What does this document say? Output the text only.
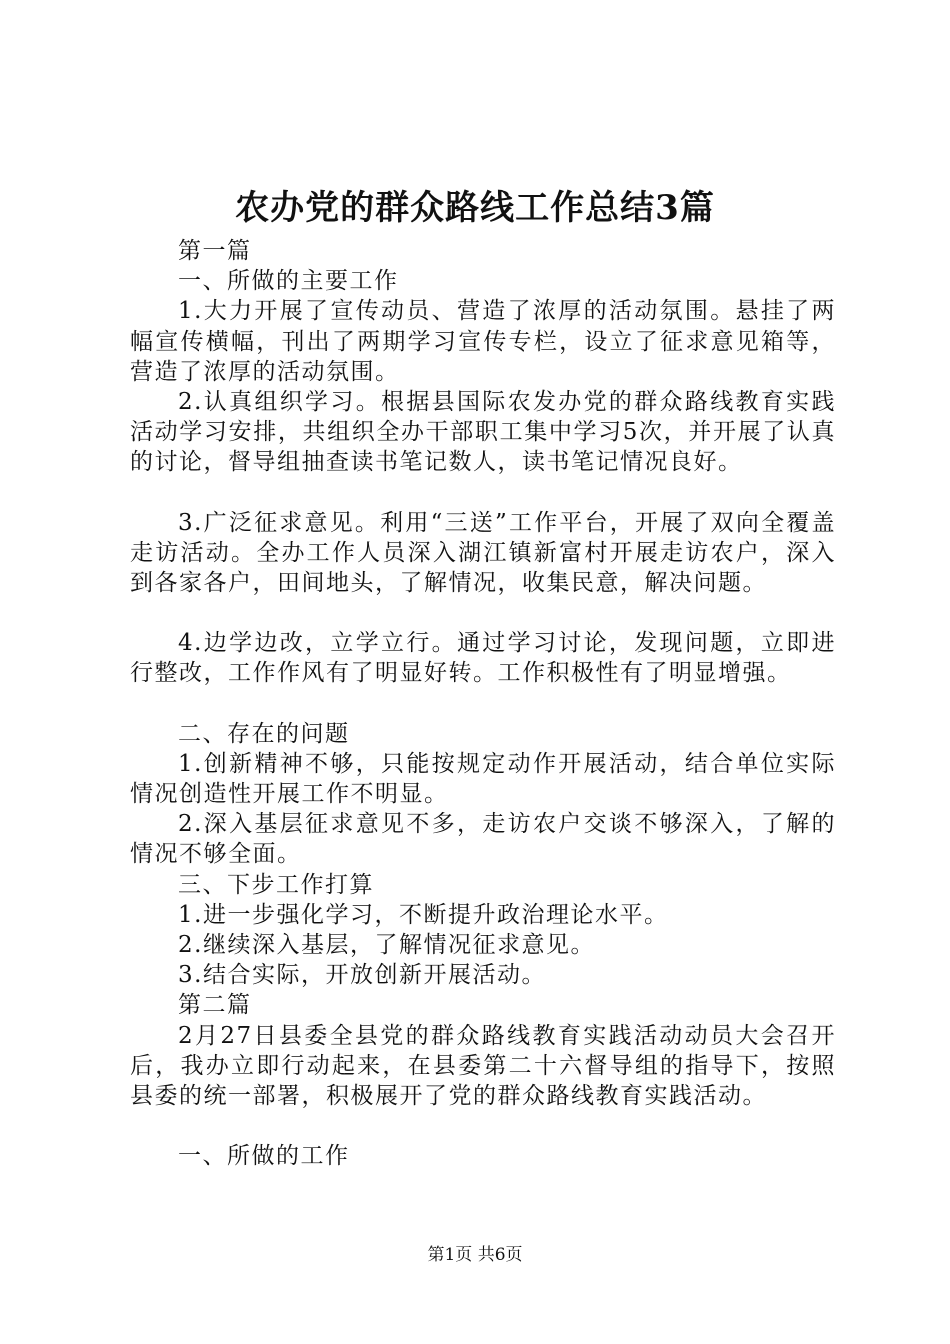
农办党的群众路线工作总结3篇

第一篇

一、所做的主要工作

1.大力开展了宣传动员、营造了浓厚的活动氛围。悬挂了两幅宣传横幅，刊出了两期学习宣传专栏，设立了征求意见箱等，营造了浓厚的活动氛围。

2.认真组织学习。根据县国际农发办党的群众路线教育实践活动学习安排，共组织全办干部职工集中学习5次，并开展了认真的讨论，督导组抽查读书笔记数人，读书笔记情况良好。

3.广泛征求意见。利用“三送”工作平台，开展了双向全覆盖走访活动。全办工作人员深入湖江镇新富村开展走访农户，深入到各家各户，田间地头，了解情况，收集民意，解决问题。

4.边学边改，立学立行。通过学习讨论，发现问题，立即进行整改，工作作风有了明显好转。工作积极性有了明显增强。

二、存在的问题

1.创新精神不够，只能按规定动作开展活动，结合单位实际情况创造性开展工作不明显。

2.深入基层征求意见不多，走访农户交谈不够深入，了解的情况不够全面。

三、下步工作打算

1.进一步强化学习，不断提升政治理论水平。

2.继续深入基层，了解情况征求意见。

3.结合实际，开放创新开展活动。

第二篇

2月27日县委全县党的群众路线教育实践活动动员大会召开后，我办立即行动起来，在县委第二十六督导组的指导下，按照县委的统一部署，积极展开了党的群众路线教育实践活动。

一、所做的工作

第1页 共6页
